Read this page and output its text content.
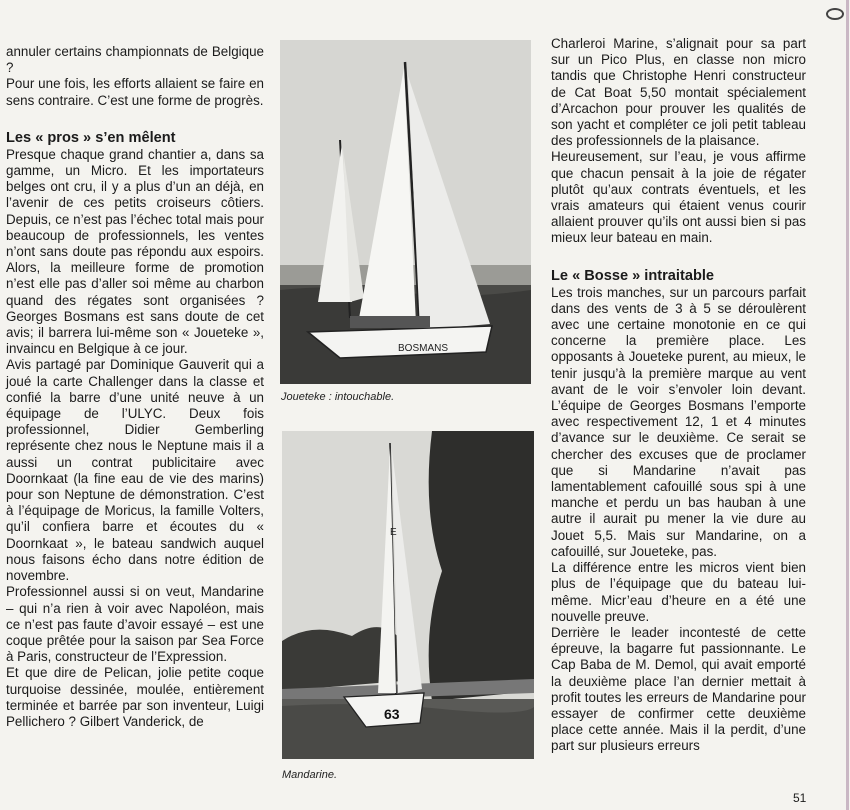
annuler certains championnats de Belgique ?

Pour une fois, les efforts allaient se faire en sens contraire. C’est une forme de progrès.

Les « pros » s’en mêlent

Presque chaque grand chantier a, dans sa gamme, un Micro. Et les importateurs belges ont cru, il y a plus d’un an déjà, en l’avenir de ces petits croiseurs côtiers. Depuis, ce n’est pas l’échec total mais pour beaucoup de professionnels, les ventes n’ont sans doute pas répondu aux espoirs. Alors, la meilleure forme de promotion n’est elle pas d’aller soi même au charbon quand des régates sont organisées ? Georges Bosmans est sans doute de cet avis; il barrera lui-même son « Joueteke », invaincu en Belgique à ce jour.

Avis partagé par Dominique Gauverit qui a joué la carte Challenger dans la classe et confié la barre d’une unité neuve à un équipage de l’ULYC. Deux fois professionnel, Didier Gemberling représente chez nous le Neptune mais il a aussi un contrat publicitaire avec Doornkaat (la fine eau de vie des marins) pour son Neptune de démonstration. C’est à l’équipage de Moricus, la famille Volters, qu’il confiera barre et écoutes du « Doornkaat », le bateau sandwich auquel nous faisons écho dans notre édition de novembre.

Professionnel aussi si on veut, Mandarine – qui n’a rien à voir avec Napoléon, mais ce n’est pas faute d’avoir essayé – est une coque prêtée pour la saison par Sea Force à Paris, constructeur de l’Expression.

Et que dire de Pelican, jolie petite coque turquoise dessinée, moulée, entièrement terminée et barrée par son inventeur, Luigi Pellichero ? Gilbert Vanderick, de

BOSMANS
Joueteke : intouchable.
E
63
Mandarine.

Charleroi Marine, s’alignait pour sa part sur un Pico Plus, en classe non micro tandis que Christophe Henri constructeur de Cat Boat 5,50 montait spécialement d’Arcachon pour prouver les qualités de son yacht et compléter ce joli petit tableau des professionnels de la plaisance.

Heureusement, sur l’eau, je vous affirme que chacun pensait à la joie de régater plutôt qu’aux contrats éventuels, et les vrais amateurs qui étaient venus courir allaient prouver qu’ils ont aussi bien si pas mieux leur bateau en main.

Le « Bosse » intraitable

Les trois manches, sur un parcours parfait dans des vents de 3 à 5 se déroulèrent avec une certaine monotonie en ce qui concerne la première place. Les opposants à Joueteke purent, au mieux, le tenir jusqu’à la première marque au vent avant de le voir s’envoler loin devant. L’équipe de Georges Bosmans l’emporte avec respectivement 12, 1 et 4 minutes d’avance sur le deuxième. Ce serait se chercher des excuses que de proclamer que si Mandarine n’avait pas lamentablement cafouillé sous spi à une manche et perdu un bas hauban à une autre il aurait pu mener la vie dure au Jouet 5,5. Mais sur Mandarine, on a cafouillé, sur Joueteke, pas.

La différence entre les micros vient bien plus de l’équipage que du bateau lui-même. Micr’eau d’heure en a été une nouvelle preuve.

Derrière le leader incontesté de cette épreuve, la bagarre fut passionnante. Le Cap Baba de M. Demol, qui avait emporté la deuxième place l’an dernier mettait à profit toutes les erreurs de Mandarine pour essayer de confirmer cette deuxième place cette année. Mais il la perdit, d’une part sur plusieurs erreurs

51
